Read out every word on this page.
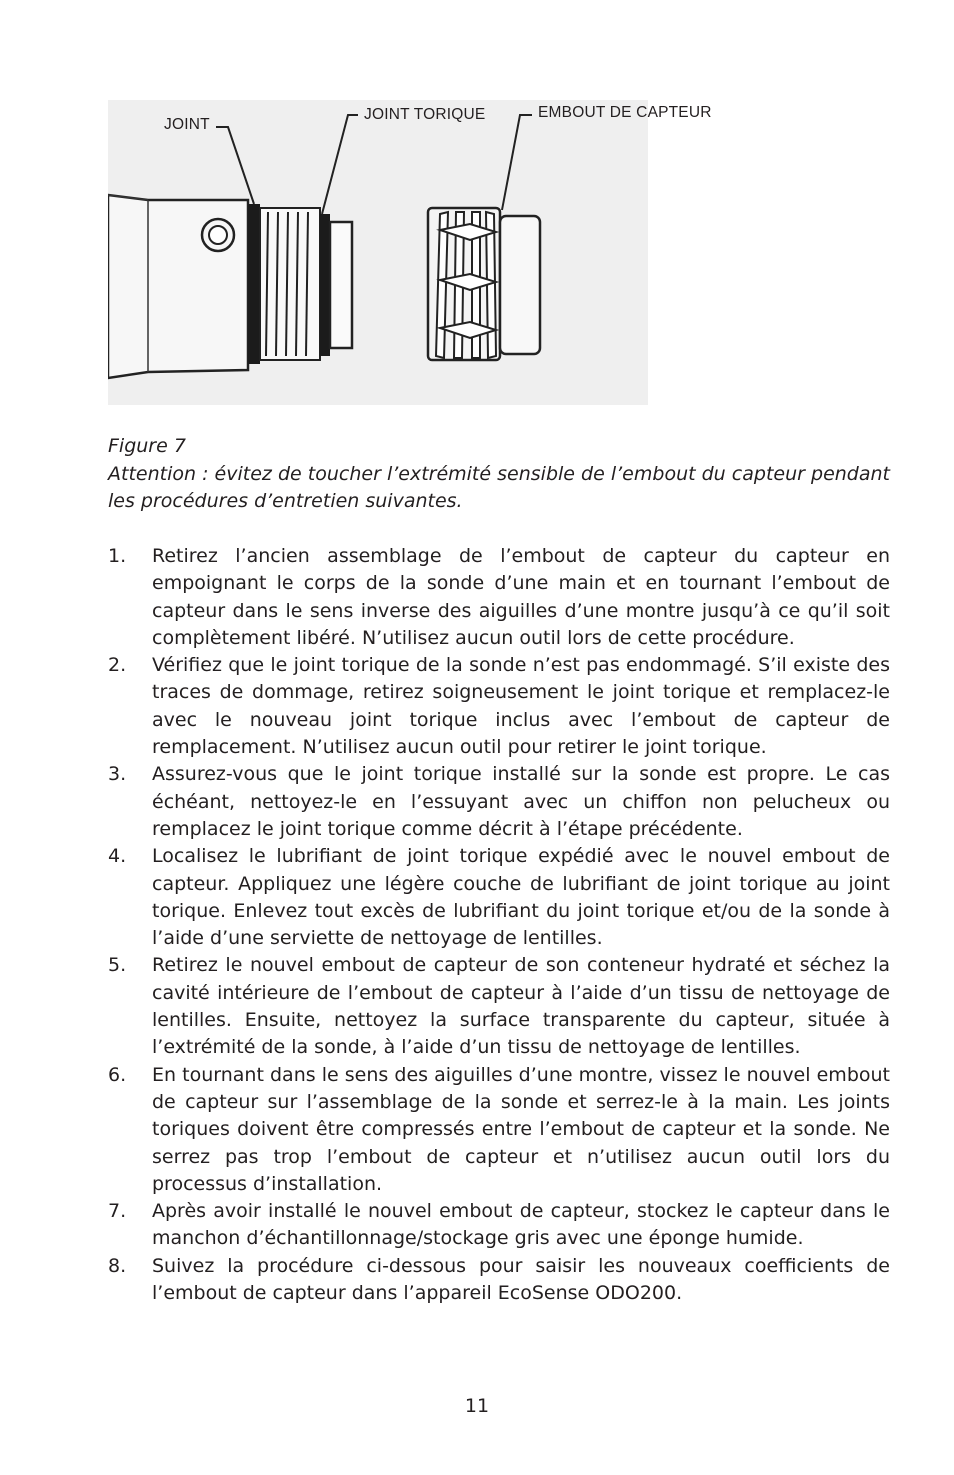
JOINT
JOINT TORIQUE	EMBOUT DE CAPTEUR

Figure 7

Attention : évitez de toucher l’extrémité sensible de l’embout du capteur pendant les procédures d’entretien suivantes.

1. Retirez l’ancien assemblage de l’embout de capteur du capteur en empoignant le corps de la sonde d’une main et en tournant l’embout de capteur dans le sens inverse des aiguilles d’une montre jusqu’à ce qu’il soit complètement libéré. N’utilisez aucun outil lors de cette procédure.
2. Vérifiez que le joint torique de la sonde n’est pas endommagé. S’il existe des traces de dommage, retirez soigneusement le joint torique et remplacez-le avec le nouveau joint torique inclus avec l’embout de capteur de remplacement. N’utilisez aucun outil pour retirer le joint torique.
3. Assurez-vous que le joint torique installé sur la sonde est propre. Le cas échéant, nettoyez-le en l’essuyant avec un chiffon non pelucheux ou remplacez le joint torique comme décrit à l’étape précédente.
4. Localisez le lubrifiant de joint torique expédié avec le nouvel embout de capteur. Appliquez une légère couche de lubrifiant de joint torique au joint torique. Enlevez tout excès de lubrifiant du joint torique et/ou de la sonde à l’aide d’une serviette de nettoyage de lentilles.
5. Retirez le nouvel embout de capteur de son conteneur hydraté et séchez la cavité intérieure de l’embout de capteur à l’aide d’un tissu de nettoyage de lentilles. Ensuite, nettoyez la surface transparente du capteur, située à l’extrémité de la sonde, à l’aide d’un tissu de nettoyage de lentilles.
6. En tournant dans le sens des aiguilles d’une montre, vissez le nouvel embout de capteur sur l’assemblage de la sonde et serrez-le à la main. Les joints toriques doivent être compressés entre l’embout de capteur et la sonde. Ne serrez pas trop l’embout de capteur et n’utilisez aucun outil lors du processus d’installation.
7. Après avoir installé le nouvel embout de capteur, stockez le capteur dans le manchon d’échantillonnage/stockage gris avec une éponge humide.
8. Suivez la procédure ci-dessous pour saisir les nouveaux coefficients de l’embout de capteur dans l’appareil EcoSense ODO200.
11
